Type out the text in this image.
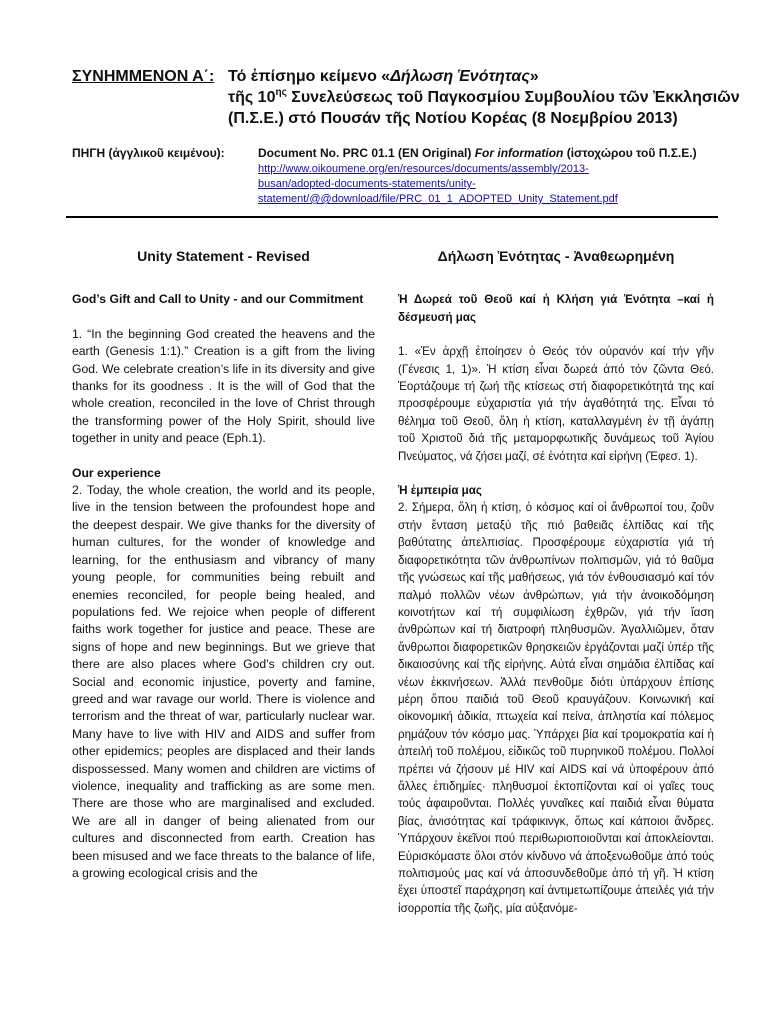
ΣΥΝΗΜΜΕΝΟΝ Α΄: Τό ἐπίσημο κείμενο «Δήλωση Ἑνότητας»
τῆς $10^{\eta\varsigma}$ Συνελεύσεως τοῦ Παγκοσμίου Συμβουλίου τῶν Ἐκκλησιῶν
(Π.Σ.Ε.) στό Πουσάν τῆς Νοτίου Κορέας (8 Νοεμβρίου 2013)
ΠΗΓΗ (ἀγγλικοῦ κειμένου):	Document No. PRC 01.1 (EN Original) For information (ἰστοχώρου τοῦ Π.Σ.Ε.)
http://www.oikoumene.org/en/resources/documents/assembly/2013-
busan/adopted-documents-statements/unity-
statement/@@download/file/PRC_01_1_ADOPTED_Unity_Statement.pdf

Unity Statement - Revised

God’s Gift and Call to Unity - and our Commitment

1. “In the beginning God created the heavens and the earth (Genesis 1:1).” Creation is a gift from the living God. We celebrate creation’s life in its diversity and give thanks for its goodness . It is the will of God that the whole creation, reconciled in the love of Christ through the transforming power of the Holy Spirit, should live together in unity and peace (Eph.1).

Our experience

2. Today, the whole creation, the world and its people, live in the tension between the profoundest hope and the deepest despair. We give thanks for the diversity of human cultures, for the wonder of knowledge and learning, for the enthusiasm and vibrancy of many young people, for communities being rebuilt and enemies reconciled, for people being healed, and populations fed. We rejoice when people of different faiths work together for justice and peace. These are signs of hope and new beginnings. But we grieve that there are also places where God’s children cry out. Social and economic injustice, poverty and famine, greed and war ravage our world. There is violence and terrorism and the threat of war, particularly nuclear war. Many have to live with HIV and AIDS and suffer from other epidemics; peoples are displaced and their lands dispossessed. Many women and children are victims of violence, inequality and trafficking as are some men. There are those who are marginalised and excluded. We are all in danger of being alienated from our cultures and disconnected from earth. Creation has been misused and we face threats to the balance of life, a growing ecological crisis and the

Δήλωση Ἑνότητας - Ἀναθεωρημένη

Ἡ Δωρεά τοῦ Θεοῦ καί ἡ Κλήση γιά Ἑνότητα –καί ἡ δέσμευσή μας

1. «Ἐν ἀρχῇ ἐποίησεν ὁ Θεός τόν οὐρανόν καί τήν γῆν (Γένεσις 1, 1)». Ἡ κτίση εἶναι δωρεά ἀπό τόν ζῶντα Θεό. Ἑορτάζουμε τή ζωή τῆς κτίσεως στή διαφορετικότητά της καί προσφέρουμε εὐχαριστία γιά τήν ἀγαθότητά της. Εἶναι τό θέλημα τοῦ Θεοῦ, ὅλη ἡ κτίση, καταλλαγμένη ἐν τῇ ἀγάπῃ τοῦ Χριστοῦ διά τῆς μεταμορφωτικῆς δυνάμεως τοῦ Ἁγίου Πνεύματος, νά ζήσει μαζί, σέ ἑνότητα καί εἰρήνη (Ἐφεσ. 1).

Ἡ ἐμπειρία μας

2. Σήμερα, ὅλη ἡ κτίση, ὁ κόσμος καί οἱ ἄνθρωποί του, ζοῦν στήν ἔνταση μεταξύ τῆς πιό βαθειᾶς ἐλπίδας καί τῆς βαθύτατης ἀπελπισίας. Προσφέρουμε εὐχαριστία γιά τή διαφορετικότητα τῶν ἀνθρωπίνων πολιτισμῶν, γιά τό θαῦμα τῆς γνώσεως καί τῆς μαθήσεως, γιά τόν ἐνθουσιασμό καί τόν παλμό πολλῶν νέων ἀνθρώπων, γιά τήν ἀνοικοδόμηση κοινοτήτων καί τή συμφιλίωση ἐχθρῶν, γιά τήν ἴαση ἀνθρώπων καί τή διατροφή πληθυσμῶν. Ἀγαλλιῶμεν, ὅταν ἄνθρωποι διαφορετικῶν θρησκειῶν ἐργάζονται μαζί ὑπέρ τῆς δικαιοσύνης καί τῆς εἰρήνης. Αὐτά εἶναι σημάδια ἐλπίδας καί νέων ἐκκινήσεων. Ἀλλά πενθοῦμε διότι ὑπάρχουν ἐπίσης μέρη ὅπου παιδιά τοῦ Θεοῦ κραυγάζουν. Κοινωνική καί οἰκονομική ἀδικία, πτωχεία καί πείνα, ἀπληστία καί πόλεμος ρημάζουν τόν κόσμο μας. Ὑπάρχει βία καί τρομοκρατία καί ἡ ἀπειλή τοῦ πολέμου, εἰδικῶς τοῦ πυρηνικοῦ πολέμου. Πολλοί πρέπει νά ζήσουν μέ HIV καί AIDS καί νά ὑποφέρουν ἀπό ἄλλες ἐπιδημίες· πληθυσμοί ἐκτοπίζονται καί οἱ γαῖες τους τούς ἀφαιροῦνται. Πολλές γυναῖκες καί παιδιά εἶναι θύματα βίας, ἀνισότητας καί τράφικινγκ, ὅπως καί κάποιοι ἄνδρες. Ὑπάρχουν ἐκεῖνοι πού περιθωριοποιοῦνται καί ἀποκλείονται. Εὑρισκόμαστε ὅλοι στόν κίνδυνο νά ἀποξενωθοῦμε ἀπό τούς πολιτισμούς μας καί νά ἀποσυνδεθοῦμε ἀπό τή γῆ. Ἡ κτίση ἔχει ὑποστεῖ παράχρηση καί ἀντιμετωπίζουμε ἀπειλές γιά τήν ἰσορροπία τῆς ζωῆς, μία αὐξανόμε-
